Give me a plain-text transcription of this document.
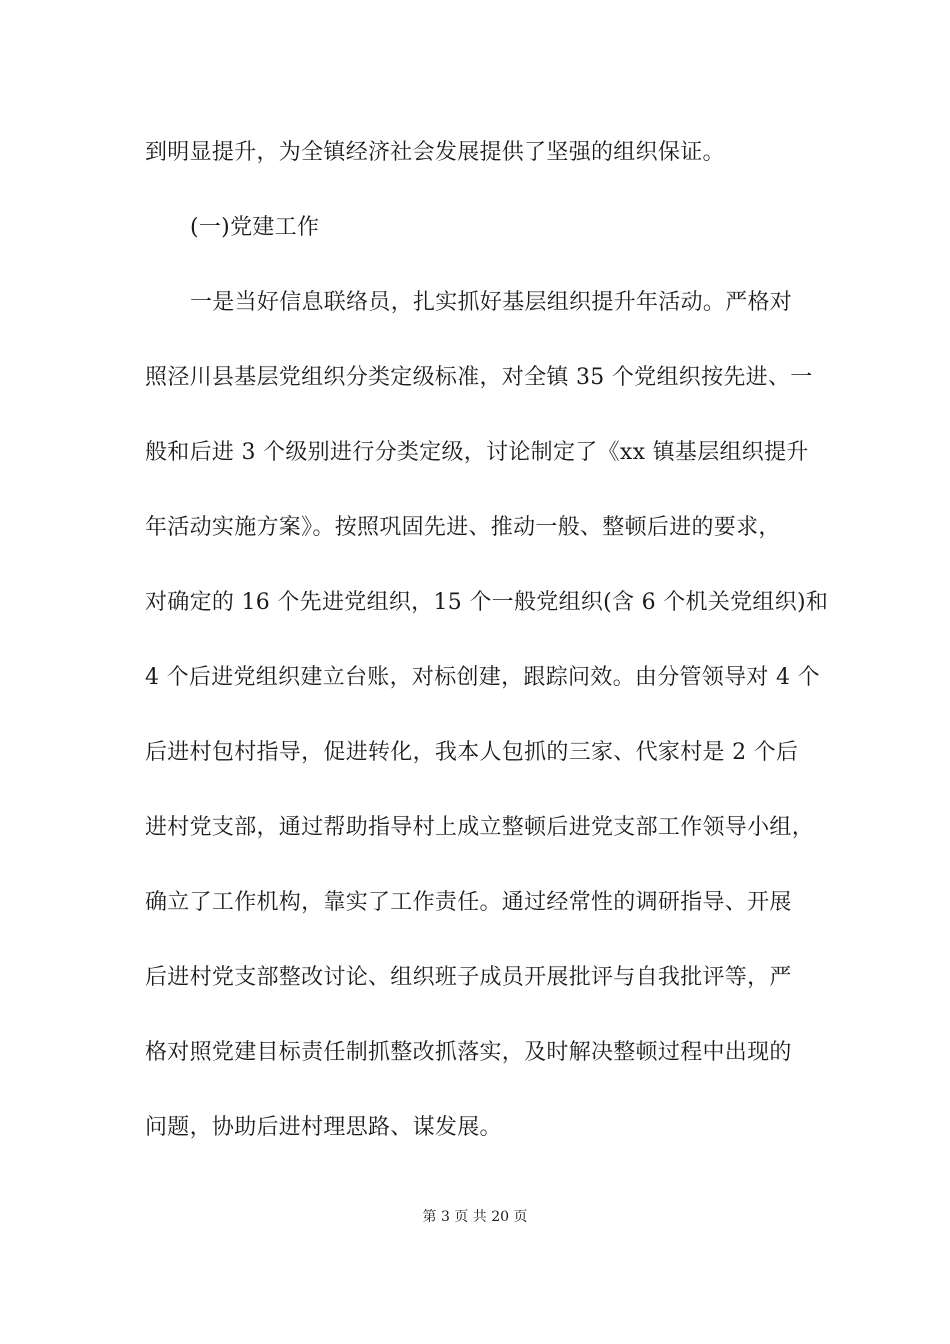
到明显提升，为全镇经济社会发展提供了坚强的组织保证。
(一)党建工作
一是当好信息联络员，扎实抓好基层组织提升年活动。严格对
照泾川县基层党组织分类定级标准，对全镇 35 个党组织按先进、一
般和后进 3 个级别进行分类定级，讨论制定了《xx 镇基层组织提升
年活动实施方案》。按照巩固先进、推动一般、整顿后进的要求，
对确定的 16 个先进党组织，15 个一般党组织(含 6 个机关党组织)和
4 个后进党组织建立台账，对标创建，跟踪问效。由分管领导对 4 个
后进村包村指导，促进转化，我本人包抓的三家、代家村是 2 个后
进村党支部，通过帮助指导村上成立整顿后进党支部工作领导小组，
确立了工作机构，靠实了工作责任。通过经常性的调研指导、开展
后进村党支部整改讨论、组织班子成员开展批评与自我批评等，严
格对照党建目标责任制抓整改抓落实，及时解决整顿过程中出现的
问题，协助后进村理思路、谋发展。
第 3 页 共 20 页
